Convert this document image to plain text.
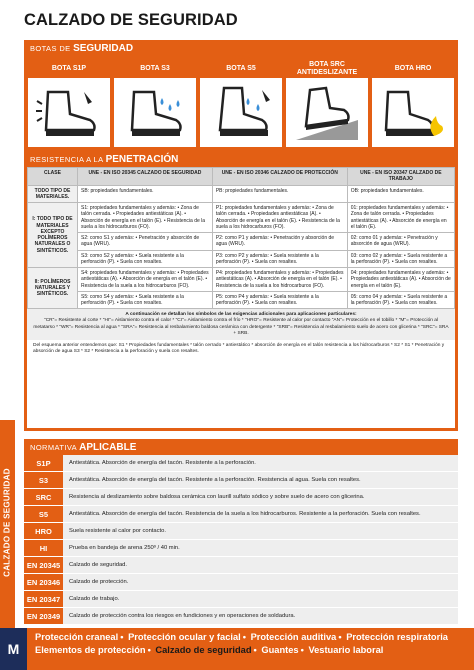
CALZADO DE SEGURIDAD
CALZADO DE SEGURIDAD
BOTAS DE SEGURIDAD
BOTA S1P	BOTA S3	BOTA S5
BOTA SRC ANTIDESLIZANTE
BOTA HRO
RESISTENCIA A LA PENETRACIÓN
CLASE	UNE - EN ISO 20345 CALZADO DE SEGURIDAD	UNE - EN ISO 20346 CALZADO DE PROTECCIÓN	UNE - EN ISO 20347 CALZADO DE TRABAJO
TODO TIPO DE MATERIALES.	SB: propiedades fundamentales.	PB: propiedades fundamentales.	OB: propiedades fundamentales.
I: TODO TIPO DE MATERIALES EXCEPTO POLÍMEROS NATURALES O SINTÉTICOS.	S1: propiedades fundamentales y además: • Zona de talón cerrada. • Propiedades antiestáticas (A). • Absorción de energía en el talón (E). • Resistencia de la suela a los hidrocarburos (FO).	P1: propiedades fundamentales y además: • Zona de talón cerrada. • Propiedades antiestáticas (A). • Absorción de energía en el talón (E). • Resistencia de la suela a los hidrocarburos (FO).	01: propiedades fundamentales y además: • Zona de talón cerrada. • Propiedades antiestáticas (A). • Absorción de energía en el talón (E).
	S2: como S1 y además: • Penetración y absorción de agua (WRU).	P2: como P1 y además: • Penetración y absorción de agua (WRU).	02: como 01 y además: • Penetración y absorción de agua (WRU).
	S3: como S2 y además: • Suela resistente a la perforación (P). • Suela con resaltes.	P3: como P2 y además: • Suela resistente a la perforación (P). • Suela con resaltes.	03: como 02 y además: • Suela resistente a la perforación (P). • Suela con resaltes.
II: POLÍMEROS NATURALES Y SINTÉTICOS.	S4: propiedades fundamentales y además: • Propiedades antiestáticas (A). • Absorción de energía en el talón (E). • Resistencia de la suela a los hidrocarburos (FO).	P4: propiedades fundamentales y además: • Propiedades antiestáticas (A). • Absorción de energía en el talón (E). • Resistencia de la suela a los hidrocarburos (FO).	04: propiedades fundamentales y además: • Propiedades antiestáticas (A). • Absorción de energía en el talón (E).
	S5: como S4 y además: • Suela resistente a la perforación (P). • Suela con resaltes.	P5: como P4 y además: • Suela resistente a la perforación (P). • Suela con resaltes.	05: como 04 y además: • Suela resistente a la perforación (P). • Suela con resaltes.
A continuación se detallan los símbolos de las exigencias adicionales para aplicaciones particulares:
"CR"= Resistente al corte * "HI"= Aislamiento contra el calor * "CI"= Aislamiento contra el frío * "HRO"= Resistente al calor por contacto "AN"= Protección en el tobillo * "M"= Protección al metatarso * "WR"= Resistencia al agua * "SRA"= Resistencia al resbalamiento baldosa cerámica con detergente * "SRB"= Resistencia al resbalamiento suelo de acero con glicerina * "SRC"= SRA + SRB.
Del esquema anterior entendemos que: S1 * Propiedades fundamentales * talón cerrado * antiestático * absorción de energía en el talón resistencia a los hidrocarburos * S2 * S1 * Penetración y absorción de agua S3 * S2 * Resistencia a la perforación y suela con resaltes.
NORMATIVA APLICABLE
S1P	Antiestática. Absorción de energía del tacón. Resistente a la perforación.
S3	Antiestática. Absorción de energía del tacón. Resistente a la perforación. Resistencia al agua. Suela con resaltes.
SRC	Resistencia al deslizamiento sobre baldosa cerámica con laurill sulfato sódico y sobre suelo de acero con glicerina.
S5	Antiestática. Absorción de energía del tacón. Resistencia de la suela a los hidrocarburos. Resistente a la perforación. Suela con resaltes.
HRO	Suela resistente al calor por contacto.
HI	Prueba en bandeja de arena 250º / 40 min.
EN 20345	Calzado de seguridad.
EN 20346	Calzado de protección.
EN 20347	Calzado de trabajo.
EN 20349	Calzado de protección contra los riesgos en fundiciones y en operaciones de soldadura.
M
Protección craneal • Protección ocular y facial • Protección auditiva • Protección respiratoria
Elementos de protección • Calzado de seguridad • Guantes • Vestuario laboral
